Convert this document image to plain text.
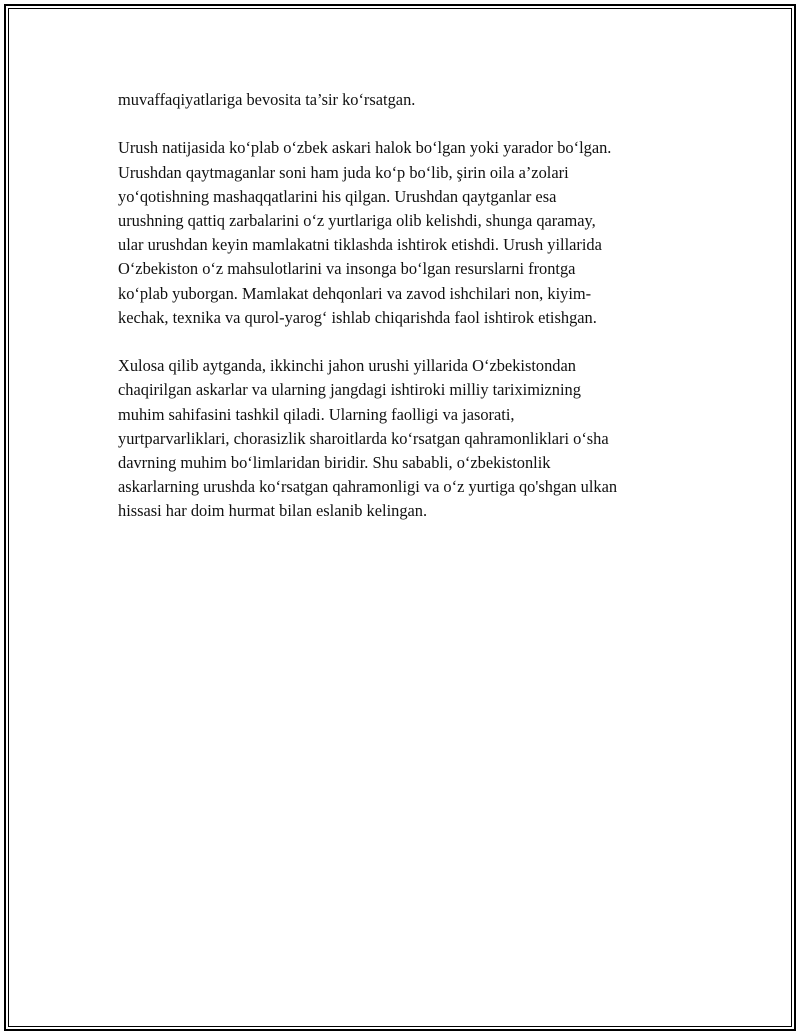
muvaffaqiyatlariga bevosita ta’sir ko‘rsatgan.

Urush natijasida ko‘plab o‘zbek askari halok bo‘lgan yoki yarador bo‘lgan.
Urushdan qaytmaganlar soni ham juda ko‘p bo‘lib, şirin oila a’zolari
yo‘qotishning mashaqqatlarini his qilgan. Urushdan qaytganlar esa
urushning qattiq zarbalarini o‘z yurtlariga olib kelishdi, shunga qaramay,
ular urushdan keyin mamlakatni tiklashda ishtirok etishdi. Urush yillarida
O‘zbekiston o‘z mahsulotlarini va insonga bo‘lgan resurslarni frontga
ko‘plab yuborgan. Mamlakat dehqonlari va zavod ishchilari non, kiyim-
kechak, texnika va qurol-yarog‘ ishlab chiqarishda faol ishtirok etishgan.

Xulosa qilib aytganda, ikkinchi jahon urushi yillarida O‘zbekistondan
chaqirilgan askarlar va ularning jangdagi ishtiroki milliy tariximizning
muhim sahifasini tashkil qiladi. Ularning faolligi va jasorati,
yurtparvarliklari, chorasizlik sharoitlarda ko‘rsatgan qahramonliklari o‘sha
davrning muhim bo‘limlaridan biridir. Shu sababli, o‘zbekistonlik
askarlarning urushda ko‘rsatgan qahramonligi va o‘z yurtiga qo'shgan ulkan
hissasi har doim hurmat bilan eslanib kelingan.
